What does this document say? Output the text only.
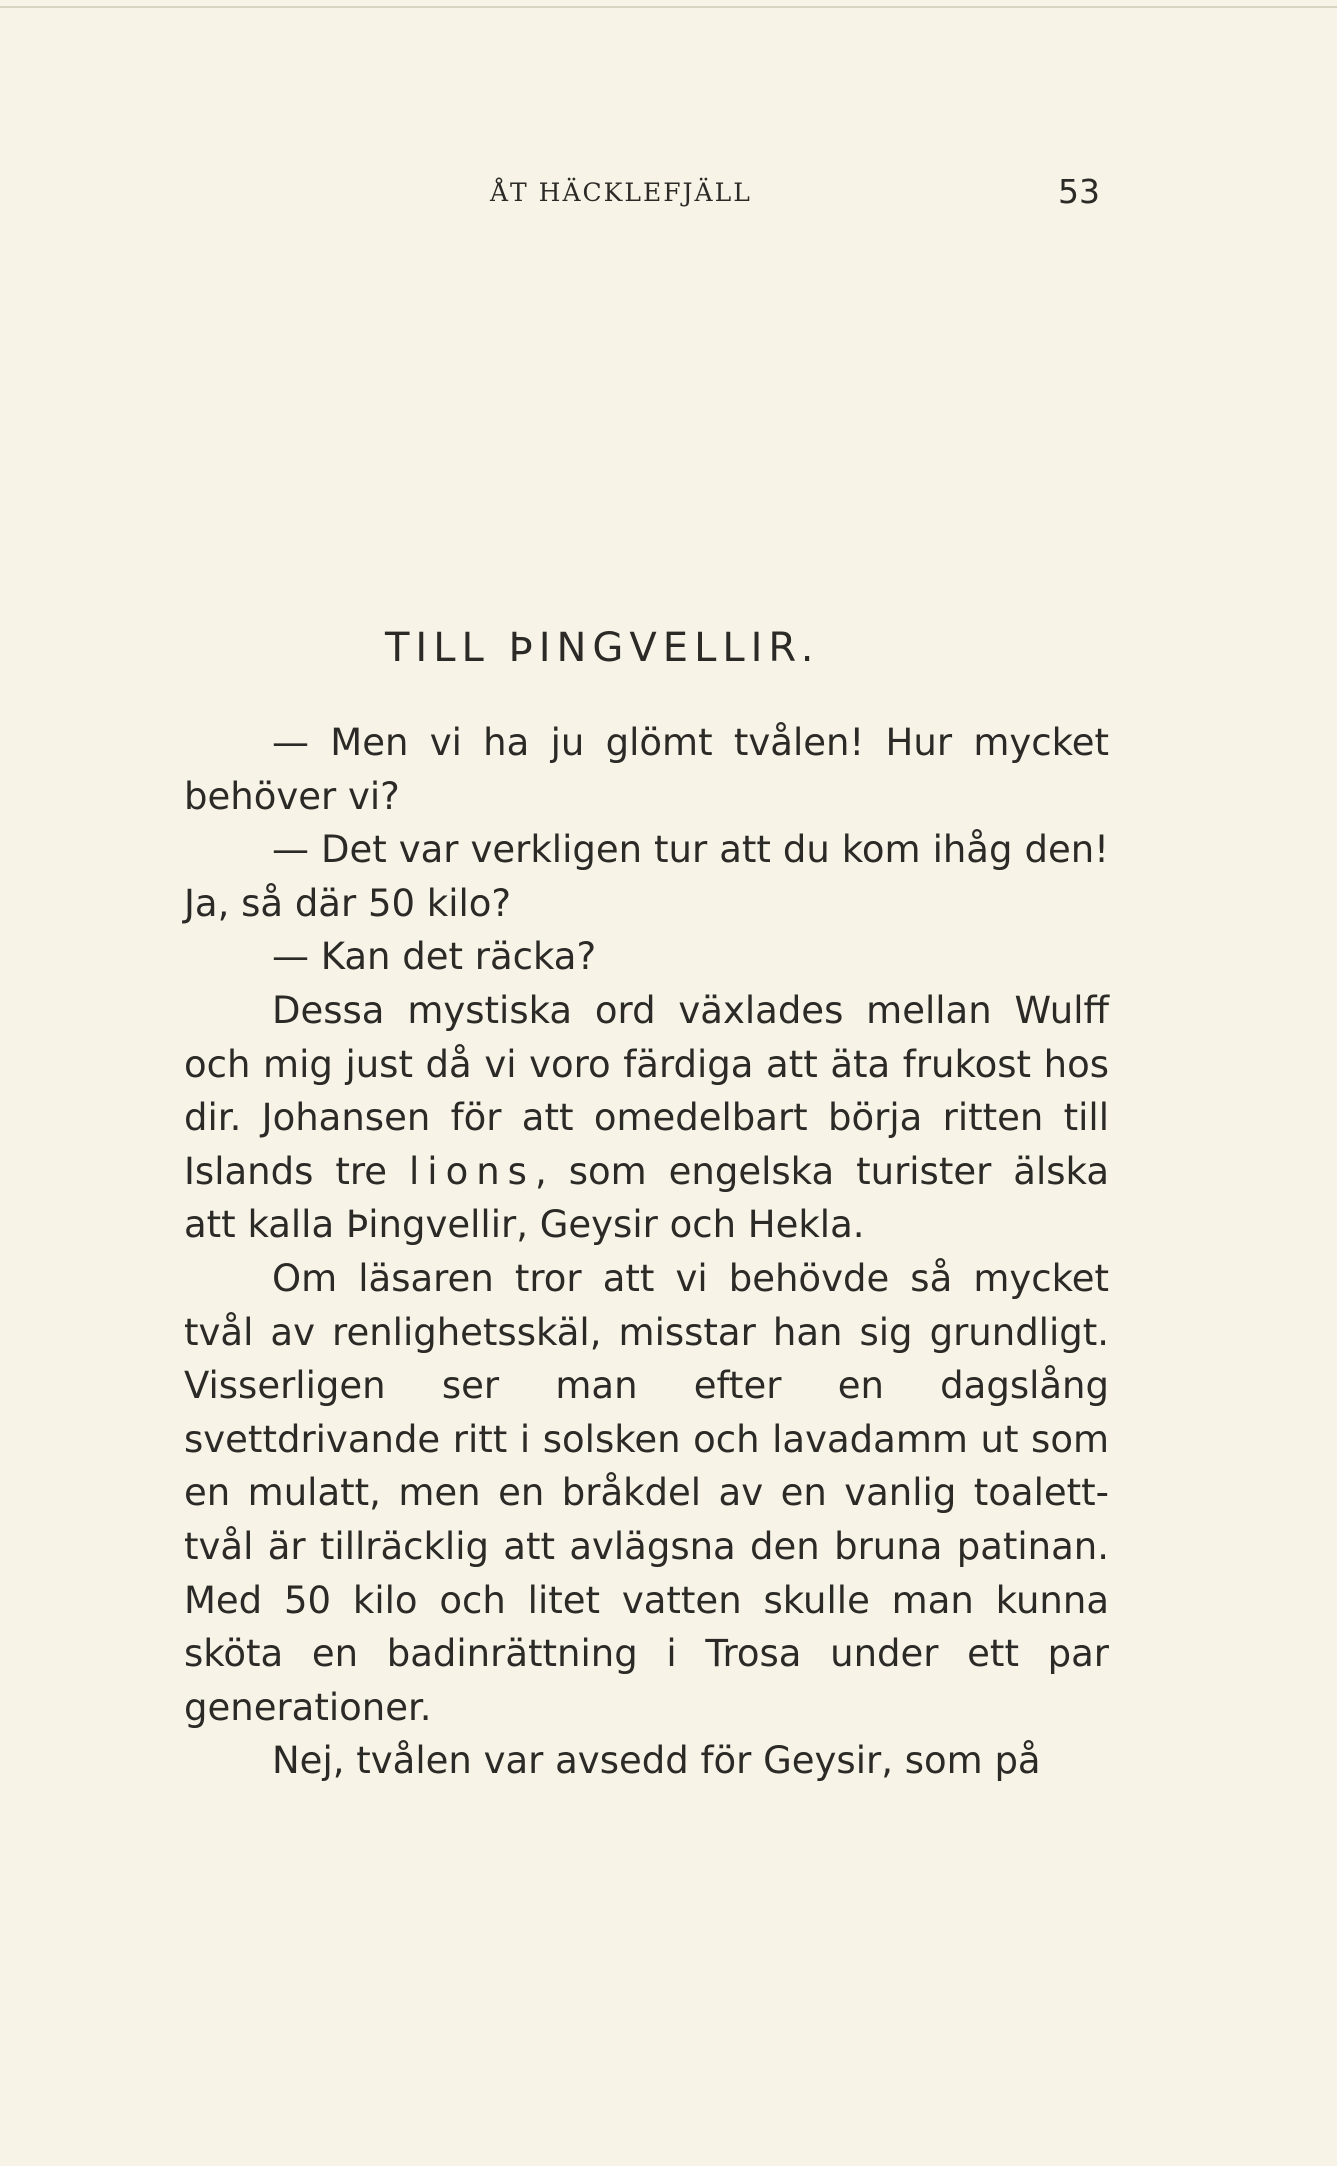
ÅT HÄCKLEFJÄLL	53
TILL ÞINGVELLIR.

— Men vi ha ju glömt tvålen! Hur mycket behöver vi?

— Det var verkligen tur att du kom ihåg den! Ja, så där 50 kilo?

— Kan det räcka?

Dessa mystiska ord växlades mellan Wulff och mig just då vi voro färdiga att äta frukost hos dir. Johansen för att omedelbart börja ritten till Islands tre lions, som engelska turister älska att kalla Þingvellir, Geysir och Hekla.

Om läsaren tror att vi behövde så mycket tvål av renlighetsskäl, misstar han sig grundligt. Visserligen ser man efter en dagslång svettdrivande ritt i solsken och lavadamm ut som en mulatt, men en bråkdel av en vanlig toalett-tvål är tillräcklig att avlägsna den bruna patinan. Med 50 kilo och litet vatten skulle man kunna sköta en badinrättning i Trosa under ett par generationer.

Nej, tvålen var avsedd för Geysir, som på
